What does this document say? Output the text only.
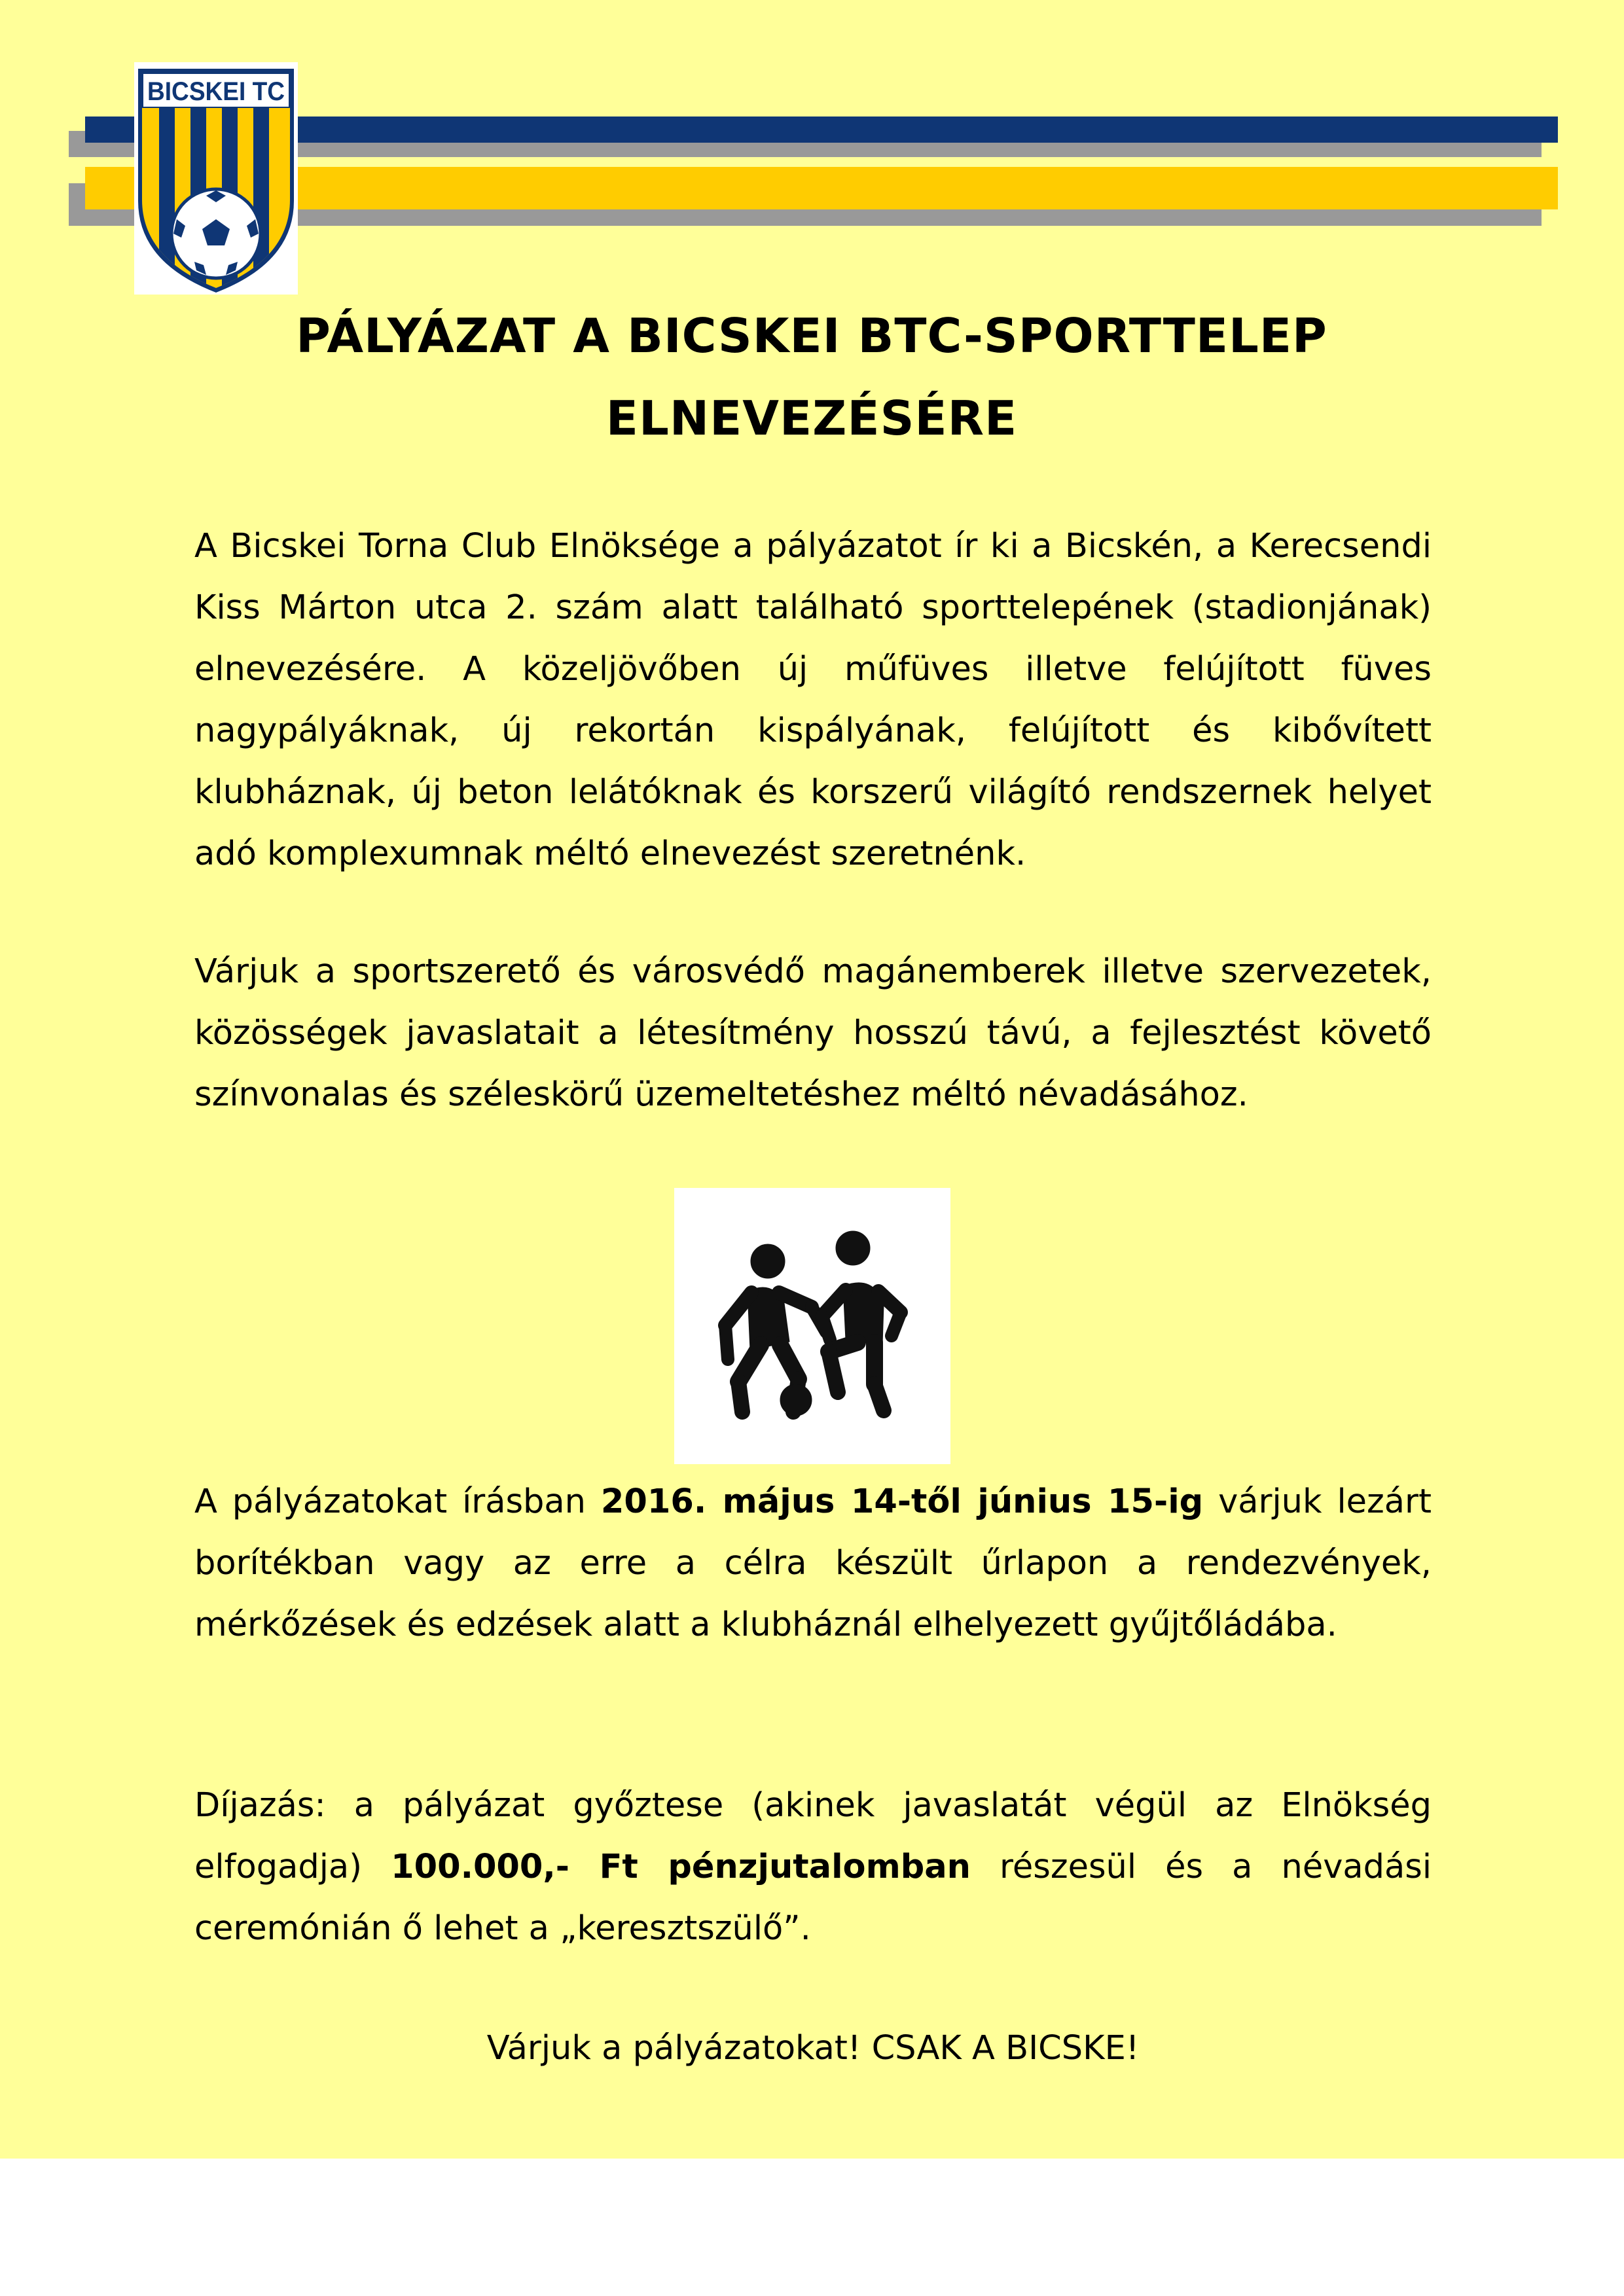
BICSKEI TC
PÁLYÁZAT A BICSKEI BTC-SPORTTELEP
ELNEVEZÉSÉRE

A Bicskei Torna Club Elnöksége a pályázatot ír ki a Bicskén, a Kerecsendi Kiss Márton utca 2. szám alatt található sporttelepének (stadionjának) elnevezésére. A közeljövőben új műfüves illetve felújított füves nagypályáknak, új rekortán kispályának, felújított és kibővített klubháznak, új beton lelátóknak és korszerű világító rendszernek helyet adó komplexumnak méltó elnevezést szeretnénk.

Várjuk a sportszerető és városvédő magánemberek illetve szervezetek, közösségek javaslatait a létesítmény hosszú távú, a fejlesztést követő színvonalas és széleskörű üzemeltetéshez méltó névadásához.

A pályázatokat írásban 2016. május 14-től június 15-ig várjuk lezárt borítékban vagy az erre a célra készült űrlapon a rendezvények, mérkőzések és edzések alatt a klubháznál elhelyezett gyűjtőládába.

Díjazás: a pályázat győztese (akinek javaslatát végül az Elnökség elfogadja) 100.000,- Ft pénzjutalomban részesül és a névadási ceremónián ő lehet a „keresztszülő”.

Várjuk a pályázatokat! CSAK A BICSKE!
